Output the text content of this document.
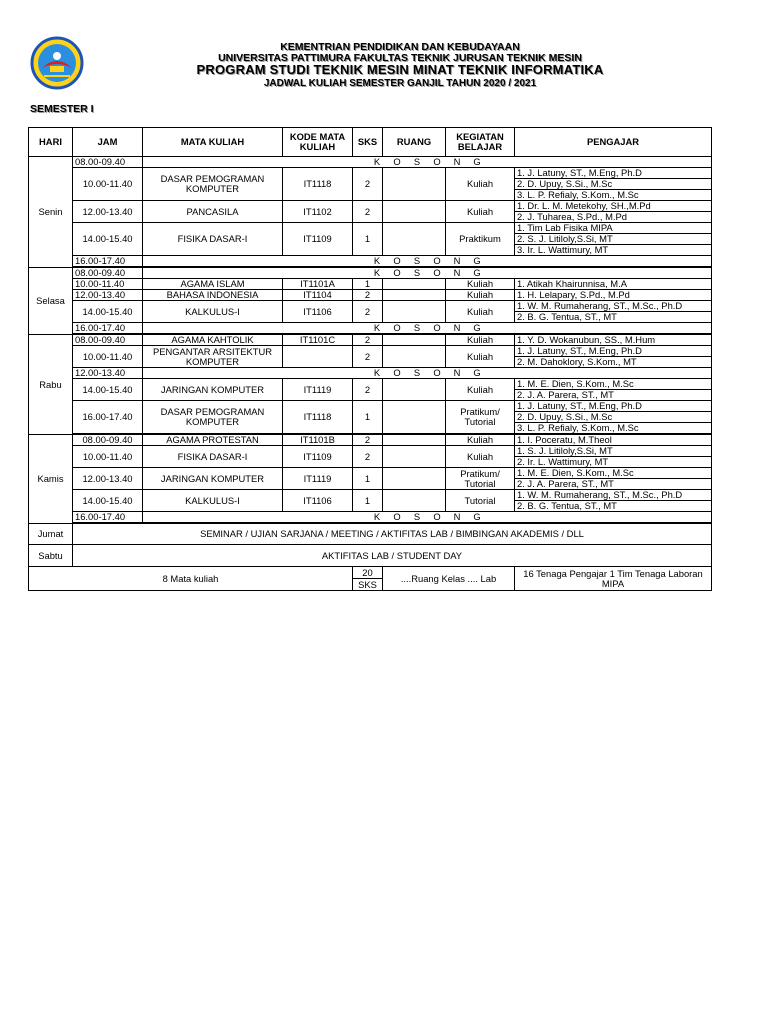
KEMENTRIAN PENDIDIKAN DAN KEBUDAYAAN
UNIVERSITAS PATTIMURA FAKULTAS TEKNIK JURUSAN TEKNIK MESIN
PROGRAM STUDI TEKNIK MESIN MINAT TEKNIK INFORMATIKA
JADWAL KULIAH SEMESTER GANJIL TAHUN 2020 / 2021
SEMESTER I
HARI	JAM	MATA KULIAH	KODE MATA KULIAH	SKS	RUANG	KEGIATAN BELAJAR	PENGAJAR
Senin	08.00-09.40	K O S O N G					
	10.00-11.40	DASAR PEMOGRAMAN KOMPUTER	IT1118	2		Kuliah	1. J. Latuny, ST., M.Eng, Ph.D
							2. D. Upuy, S.Si., M.Sc
							3. L. P. Refialy, S.Kom., M.Sc
	12.00-13.40	PANCASILA	IT1102	2		Kuliah	1. Dr. L. M. Metekohy, SH.,M.Pd
							2. J. Tuharea, S.Pd., M.Pd
	14.00-15.40	FISIKA DASAR-I	IT1109	1		Praktikum	1. Tim Lab Fisika MIPA
							2. S. J. Litiloly,S.Si, MT
							3. Ir. L. Wattimury, MT
	16.00-17.40	K O S O N G					

Selasa	08.00-09.40	K O S O N G					
	10.00-11.40	AGAMA ISLAM	IT1101A	1		Kuliah	1. Atikah Khairunnisa, M.A
	12.00-13.40	BAHASA INDONESIA	IT1104	2		Kuliah	1. H. Lelapary, S.Pd., M.Pd
	14.00-15.40	KALKULUS-I	IT1106	2		Kuliah	1. W. M. Rumaherang, ST., M.Sc., Ph.D
							2. B. G. Tentua, ST., MT
	16.00-17.40	K O S O N G					

Rabu	08.00-09.40	AGAMA KAHTOLIK	IT1101C	2		Kuliah	1. Y. D. Wokanubun, SS., M.Hum
	10.00-11.40	PENGANTAR ARSITEKTUR KOMPUTER		2		Kuliah	1. J. Latuny, ST., M.Eng, Ph.D
							2. M. Dahoklory, S.Kom., MT
	12.00-13.40	K O S O N G					
	14.00-15.40	JARINGAN KOMPUTER	IT1119	2		Kuliah	1. M. E. Dien, S.Kom., M.Sc
							2. J. A. Parera, ST., MT
	16.00-17.40	DASAR PEMOGRAMAN KOMPUTER	IT1118	1		Pratikum/ Tutorial	1. J. Latuny, ST., M.Eng, Ph.D
							2. D. Upuy, S.Si., M.Sc
							3. L. P. Refialy, S.Kom., M.Sc

Kamis	08.00-09.40	AGAMA PROTESTAN	IT1101B	2		Kuliah	1. I. Poceratu, M.Theol
	10.00-11.40	FISIKA DASAR-I	IT1109	2		Kuliah	1. S. J. Litiloly,S.Si, MT
							2. Ir. L. Wattimury, MT
	12.00-13.40	JARINGAN KOMPUTER	IT1119	1		Pratikum/ Tutorial	1. M. E. Dien, S.Kom., M.Sc
							2. J. A. Parera, ST., MT
	14.00-15.40	KALKULUS-I	IT1106	1		Tutorial	1. W. M. Rumaherang, ST., M.Sc., Ph.D
							2. B. G. Tentua, ST., MT
	16.00-17.40	K O S O N G					

Jumat	SEMINAR / UJIAN SARJANA / MEETING / AKTIFITAS LAB / BIMBINGAN AKADEMIS / DLL						
Sabtu	AKTIFITAS LAB / STUDENT DAY						
8 Mata kuliah				20	....Ruang Kelas .... Lab		16 Tenaga Pengajar 1 Tim Tenaga Laboran MIPA
				SKS			
